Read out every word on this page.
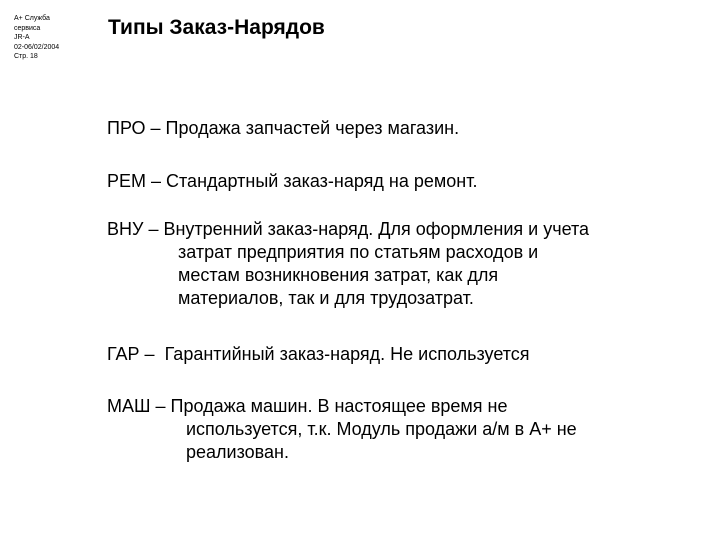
A+ Служба
сервиса
JR-A
02-06/02/2004
Стр. 18
Типы Заказ-Нарядов
ПРО – Продажа запчастей через магазин.
РЕМ – Стандартный заказ-наряд на ремонт.
ВНУ – Внутренний заказ-наряд. Для оформления и учета
затрат предприятия по статьям расходов и
местам возникновения затрат, как для
материалов, так и для трудозатрат.
ГАР –  Гарантийный заказ-наряд. Не используется
МАШ – Продажа машин. В настоящее время не
используется, т.к. Модуль продажи а/м в А+ не
реализован.
